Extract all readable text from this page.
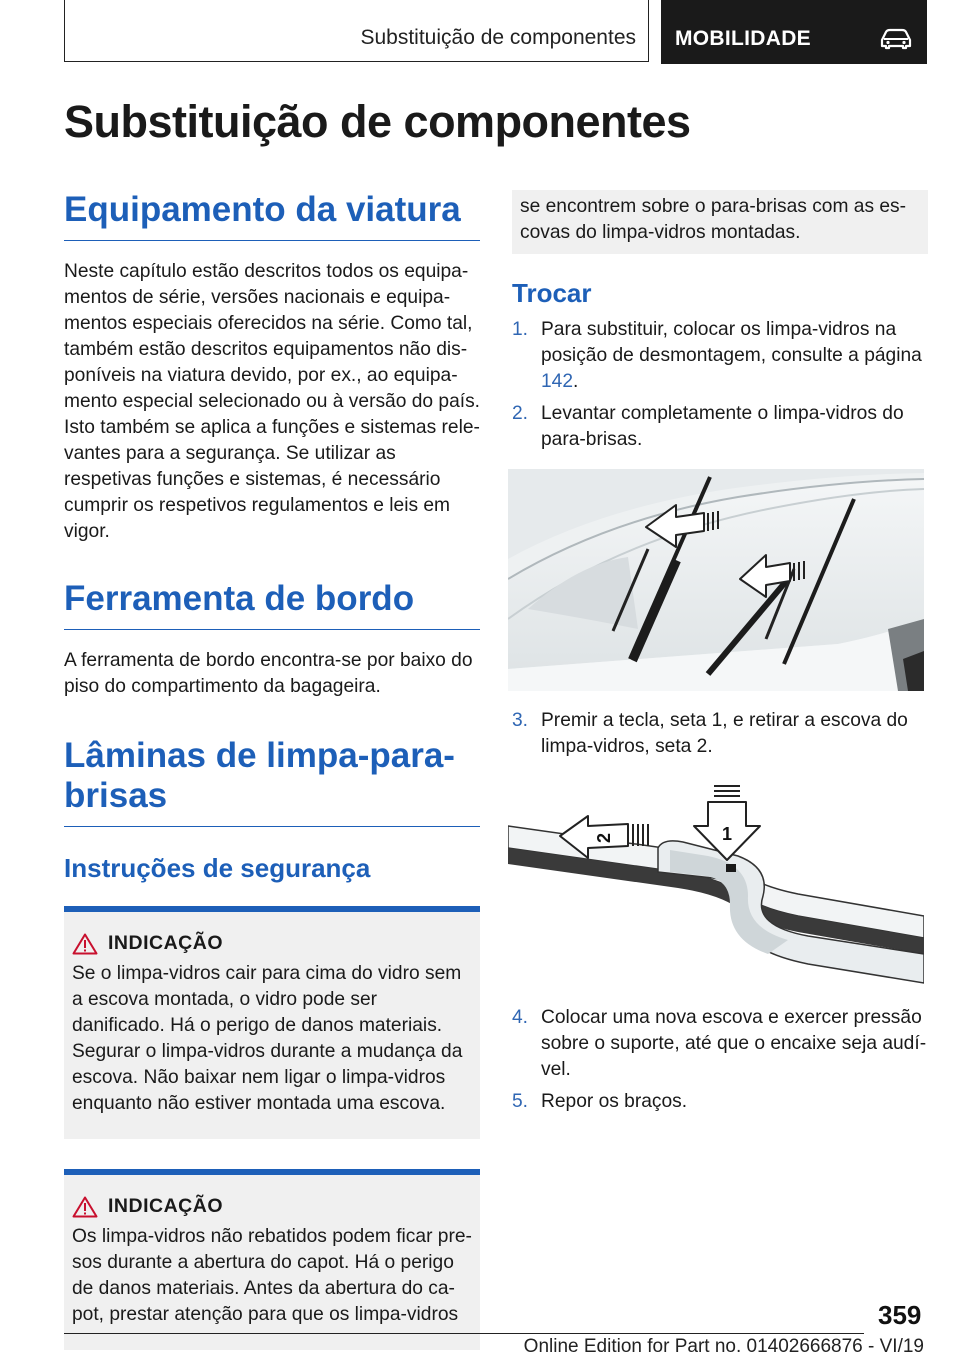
Substituição de componentes MOBILIDADE
Substituição de componentes
Equipamento da viatura

Neste capítulo estão descritos todos os equipamentos de série, versões nacionais e equipamentos especiais oferecidos na série. Como tal, também estão descritos equipamentos não disponíveis na viatura devido, por ex., ao equipamento especial selecionado ou à versão do país. Isto também se aplica a funções e sistemas relevantes para a segurança. Se utilizar as respetivas funções e sistemas, é necessário cumprir os respetivos regulamentos e leis em vigor.

Ferramenta de bordo

A ferramenta de bordo encontra-se por baixo do piso do compartimento da bagageira.

Lâminas de limpa-para-brisas
Instruções de segurança
INDICAÇÃO
Se o limpa-vidros cair para cima do vidro sem a escova montada, o vidro pode ser danificado. Há o perigo de danos materiais. Segurar o limpa-vidros durante a mudança da escova. Não baixar nem ligar o limpa-vidros enquanto não estiver montada uma escova.
INDICAÇÃO
Os limpa-vidros não rebatidos podem ficar presos durante a abertura do capot. Há o perigo de danos materiais. Antes da abertura do capot, prestar atenção para que os limpa-vidros
se encontrem sobre o para-brisas com as escovas do limpa-vidros montadas.
Trocar
1. Para substituir, colocar os limpa-vidros na posição de desmontagem, consulte a página 142.
2. Levantar completamente o limpa-vidros do para-brisas.
3. Premir a tecla, seta 1, e retirar a escova do limpa-vidros, seta 2.
1
2
4. Colocar uma nova escova e exercer pressão sobre o suporte, até que o encaixe seja audível.
5. Repor os braços.
359
Online Edition for Part no. 01402666876 - VI/19
